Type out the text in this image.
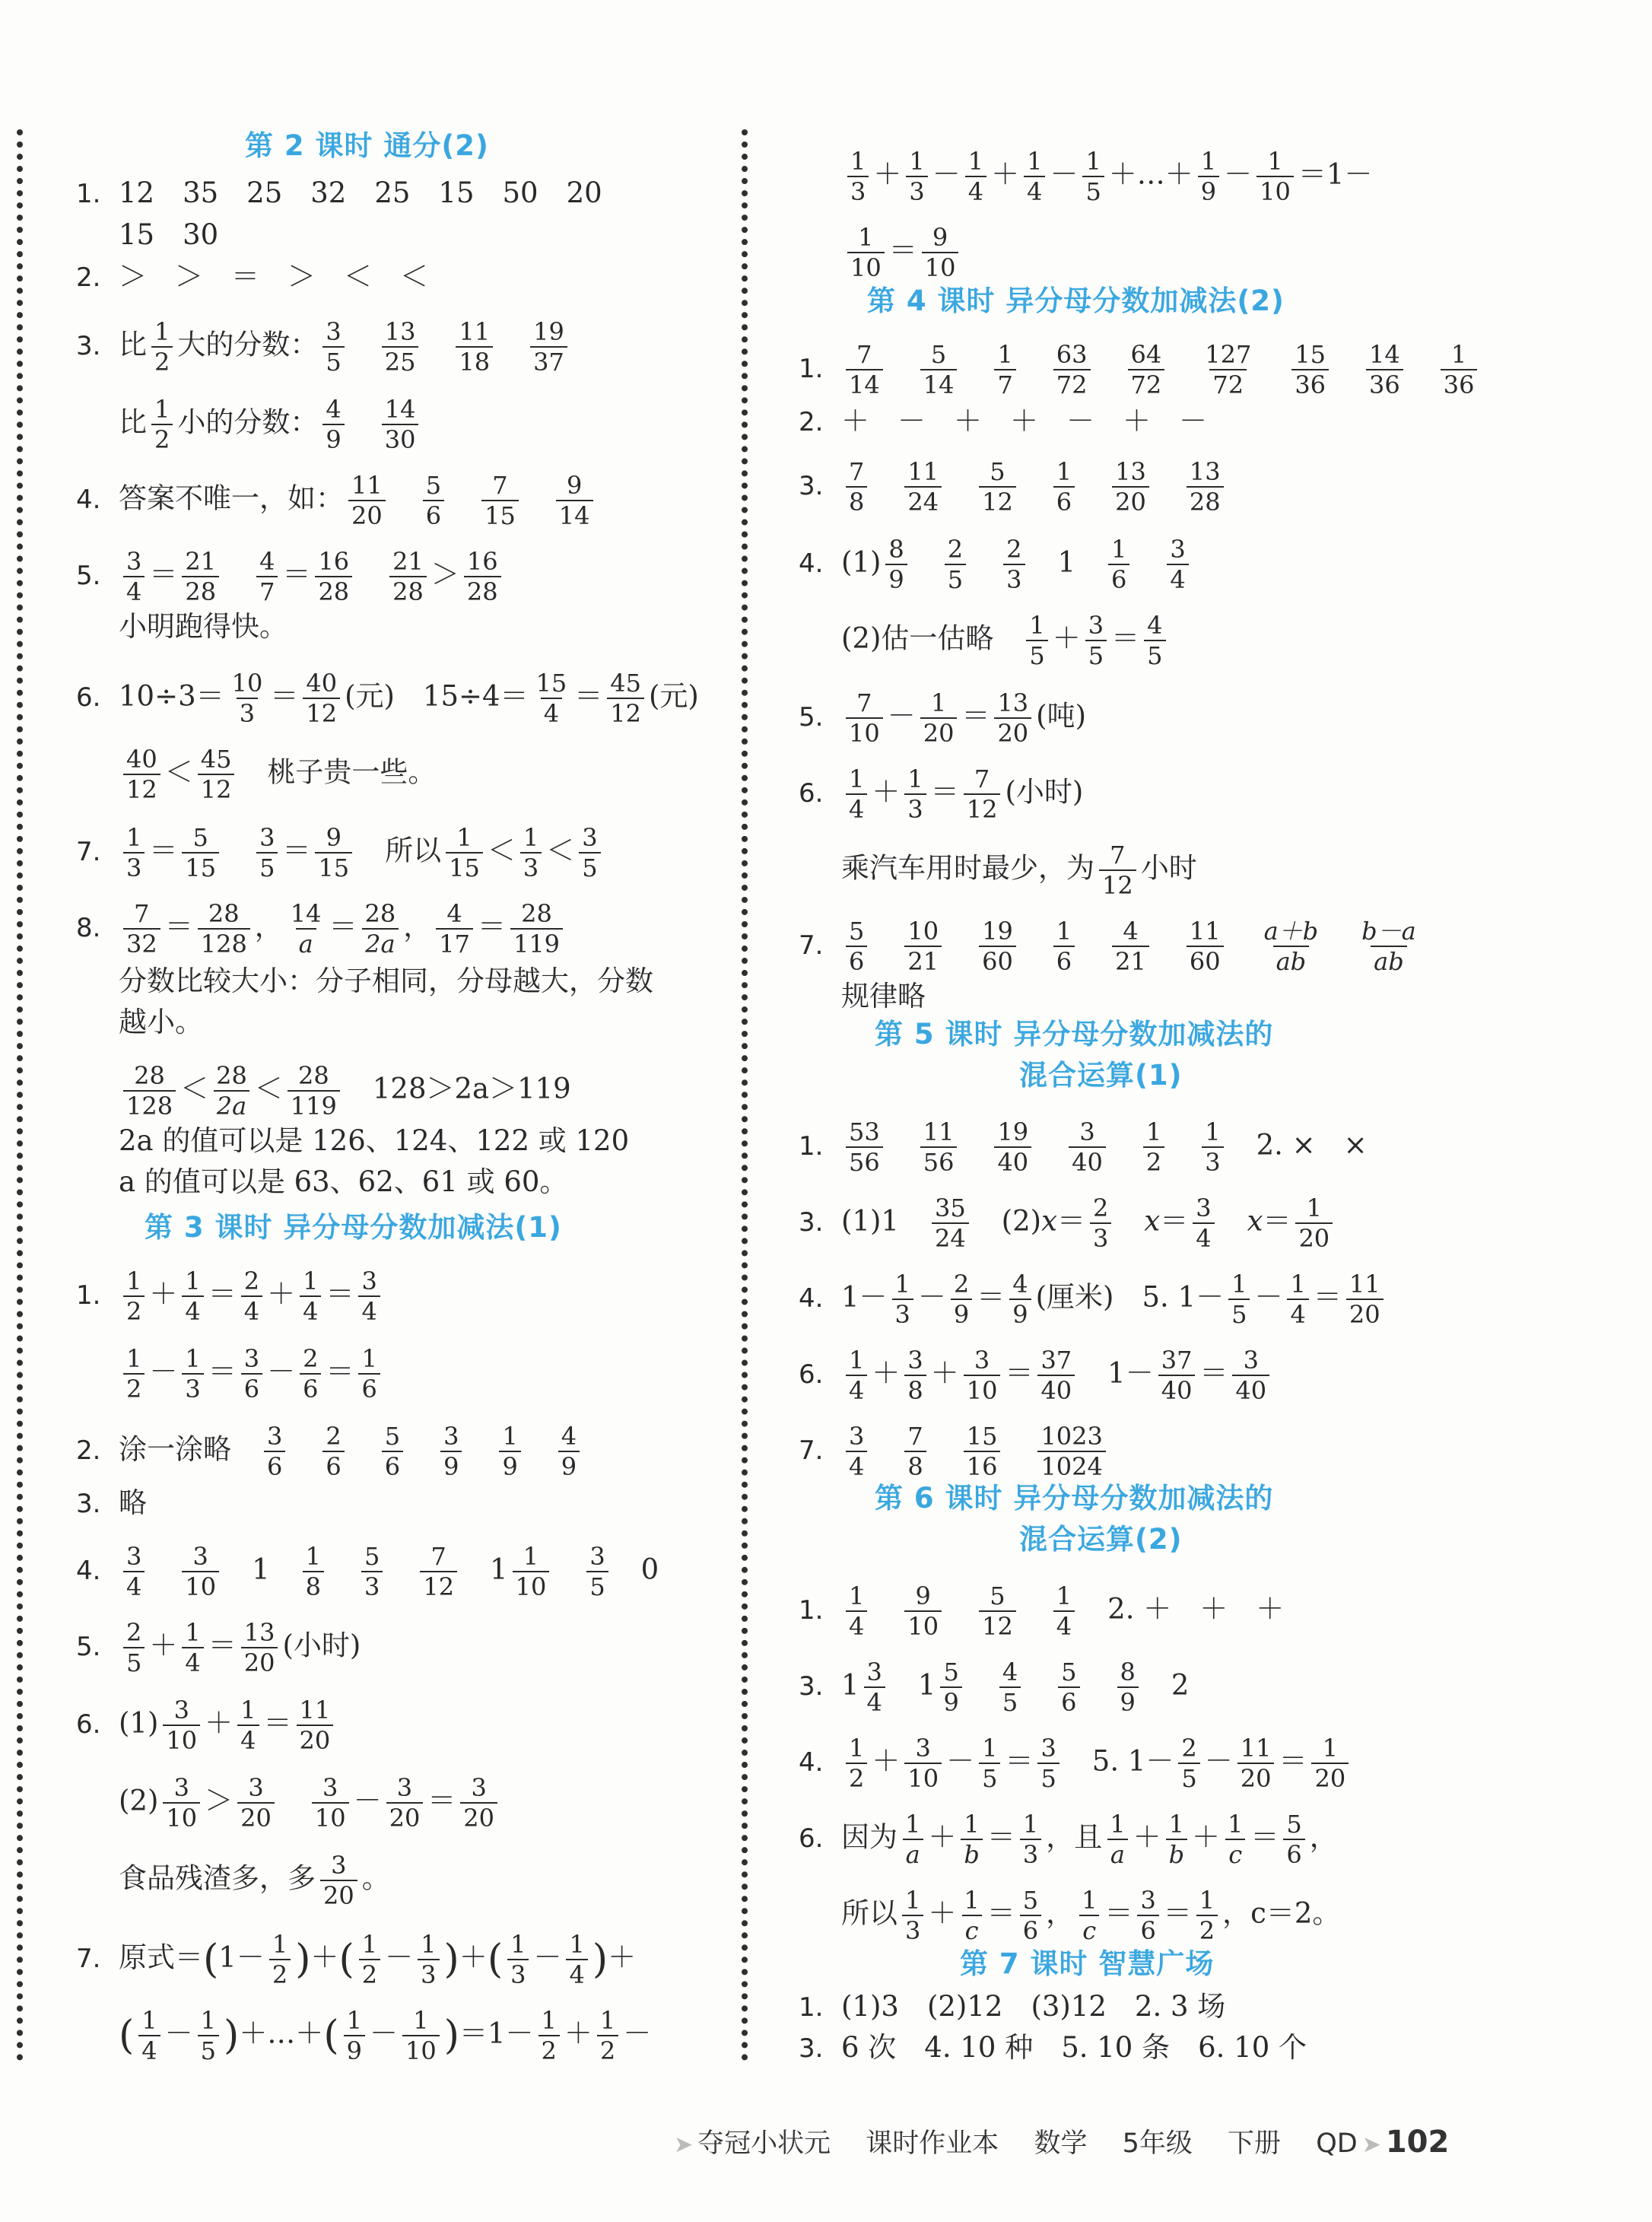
第 2 课时 通分(2)
1. 12　35　25　32　25　15　50　20
15　30
2. ＞　＞　＝　＞　＜　＜
3. 比 $\frac{1}{2}$ 大的分数： $\frac{3}{5}$
　 $\frac{13}{25}$
　 $\frac{11}{18}$
　 $\frac{19}{37}$
比 $\frac{1}{2}$ 小的分数： $\frac{4}{9}$
　 $\frac{14}{30}$
4. 答案不唯一，如： $\frac{11}{20}$
　 $\frac{5}{6}$
　 $\frac{7}{15}$
　 $\frac{9}{14}$
5. $\frac{3}{4} = \frac{21}{28}$
　 $\frac{4}{7} = \frac{16}{28}$
　 $\frac{21}{28} > \frac{16}{28}$
小明跑得快。
6. $10\div 3= \frac{10}{3} = \frac{40}{12}$ (元)　$15\div 4= \frac{15}{4} = \frac{45}{12}$ (元)
$\frac{40}{12} < \frac{45}{12}$
　 桃子贵一些。
7. $\frac{1}{3} = \frac{5}{15}$
　 $\frac{3}{5} = \frac{9}{15}$
　 所以 $\frac{1}{15} < \frac{1}{3} < \frac{3}{5}$
8. $\frac{7}{32} = \frac{28}{128}$ ， $\frac{14}{a} = \frac{28}{2a}$ ， $\frac{4}{17} = \frac{28}{119}$
分数比较大小：分子相同，分母越大，分数
越小。
$\frac{28}{128} < \frac{28}{2a} < \frac{28}{119}$
　 128＞2a＞119
2a 的值可以是 126、124、122 或 120
a 的值可以是 63、62、61 或 60。
第 3 课时 异分母分数加减法(1)
1. $\frac{1}{2} + \frac{1}{4} = \frac{2}{4} + \frac{1}{4} = \frac{3}{4}$
$\frac{1}{2} - \frac{1}{3} = \frac{3}{6} - \frac{2}{6} = \frac{1}{6}$
2. 涂一涂略　 $\frac{3}{6}$
　 $\frac{2}{6}$
　 $\frac{5}{6}$
　 $\frac{3}{9}$
　 $\frac{1}{9}$
　 $\frac{4}{9}$
3. 略
4. $\frac{3}{4}$
　 $\frac{3}{10}$ 　1　 $\frac{1}{8}$
　 $\frac{5}{3}$
　 $\frac{7}{12}$ 　$1 \frac{1}{10}$
　 $\frac{3}{5}$ 　0
5. $\frac{2}{5} + \frac{1}{4} = \frac{13}{20}$ (小时)
6. $(1) \frac{3}{10} + \frac{1}{4} = \frac{11}{20}$
$(2) \frac{3}{10} > \frac{3}{20}$
　 $\frac{3}{10} - \frac{3}{20} = \frac{3}{20}$
食品残渣多，多 $\frac{3}{20}$ 。
7. 原式$=(1- \frac{1}{2}$ )＋( $\frac{1}{2} - \frac{1}{3}$ )＋( $\frac{1}{3} - \frac{1}{4}$ )＋
( $\frac{1}{4} - \frac{1}{5}$ )＋…＋( $\frac{1}{9} - \frac{1}{10} )=1- \frac{1}{2} + \frac{1}{2}$ －
$\frac{1}{3} + \frac{1}{3} - \frac{1}{4} + \frac{1}{4} - \frac{1}{5}$ ＋…＋ $\frac{1}{9} - \frac{1}{10} =1-$
$\frac{1}{10} = \frac{9}{10}$
第 4 课时 异分母分数加减法(2)
1. $\frac{7}{14}$
　 $\frac{5}{14}$
　 $\frac{1}{7}$
　 $\frac{63}{72}$
　 $\frac{64}{72}$
　 $\frac{127}{72}$
　 $\frac{15}{36}$
　 $\frac{14}{36}$
　 $\frac{1}{36}$
2. ＋　－　＋　＋　－　＋　－
3. $\frac{7}{8}$
　 $\frac{11}{24}$
　 $\frac{5}{12}$
　 $\frac{1}{6}$
　 $\frac{13}{20}$
　 $\frac{13}{28}$
4. $(1) \frac{8}{9}$
　 $\frac{2}{5}$
　 $\frac{2}{3}$ 　1　 $\frac{1}{6}$
　 $\frac{3}{4}$
(2)估一估略　 $\frac{1}{5} + \frac{3}{5} = \frac{4}{5}$
5. $\frac{7}{10} - \frac{1}{20} = \frac{13}{20}$ (吨)
6. $\frac{1}{4} + \frac{1}{3} = \frac{7}{12}$ (小时)
乘汽车用时最少，为 $\frac{7}{12}$ 小时
7. $\frac{5}{6}$
　 $\frac{10}{21}$
　 $\frac{19}{60}$
　 $\frac{1}{6}$
　 $\frac{4}{21}$
　 $\frac{11}{60}$
　 $\frac{a+b}{ab}$
　 $\frac{b-a}{ab}$
规律略
第 5 课时 异分母分数加减法的
混合运算(1)
1. $\frac{53}{56}$
　 $\frac{11}{56}$
　 $\frac{19}{40}$
　 $\frac{3}{40}$
　 $\frac{1}{2}$
　 $\frac{1}{3}$
　 2. ×　×
3. (1)1　 $\frac{35}{24}$ 　$(2)x= \frac{2}{3}$
　 $x= \frac{3}{4}$
　 $x= \frac{1}{20}$
4. $1- \frac{1}{3} - \frac{2}{9} = \frac{4}{9}$ (厘米)　5. $1- \frac{1}{5} - \frac{1}{4} = \frac{11}{20}$
6. $\frac{1}{4} + \frac{3}{8} + \frac{3}{10} = \frac{37}{40}$ 　$1- \frac{37}{40} = \frac{3}{40}$
7. $\frac{3}{4}$
　 $\frac{7}{8}$
　 $\frac{15}{16}$
　 $\frac{1023}{1024}$
第 6 课时 异分母分数加减法的
混合运算(2)
1. $\frac{1}{4}$
　 $\frac{9}{10}$
　 $\frac{5}{12}$
　 $\frac{1}{4}$
　 2. ＋　＋　＋
3. $1 \frac{3}{4}$ 　$1 \frac{5}{9}$
　 $\frac{4}{5}$
　 $\frac{5}{6}$
　 $\frac{8}{9}$ 　2
4. $\frac{1}{2} + \frac{3}{10} - \frac{1}{5} = \frac{3}{5}$ 　5. $1- \frac{2}{5} - \frac{11}{20} = \frac{1}{20}$
6. 因为 $\frac{1}{a} + \frac{1}{b} = \frac{1}{3}$ ，且 $\frac{1}{a} + \frac{1}{b} + \frac{1}{c} = \frac{5}{6}$ ，
所以 $\frac{1}{3} + \frac{1}{c} = \frac{5}{6}$ ， $\frac{1}{c} = \frac{3}{6} = \frac{1}{2}$ ，c＝2。
第 7 课时 智慧广场
1. (1)3　(2)12　(3)12　2. 3 场
3. 6 次　4. 10 种　5. 10 条　6. 10 个
➤ 夺冠小状元　 课时作业本　 数学　 5年级　 下册　 QD ➤ 102
